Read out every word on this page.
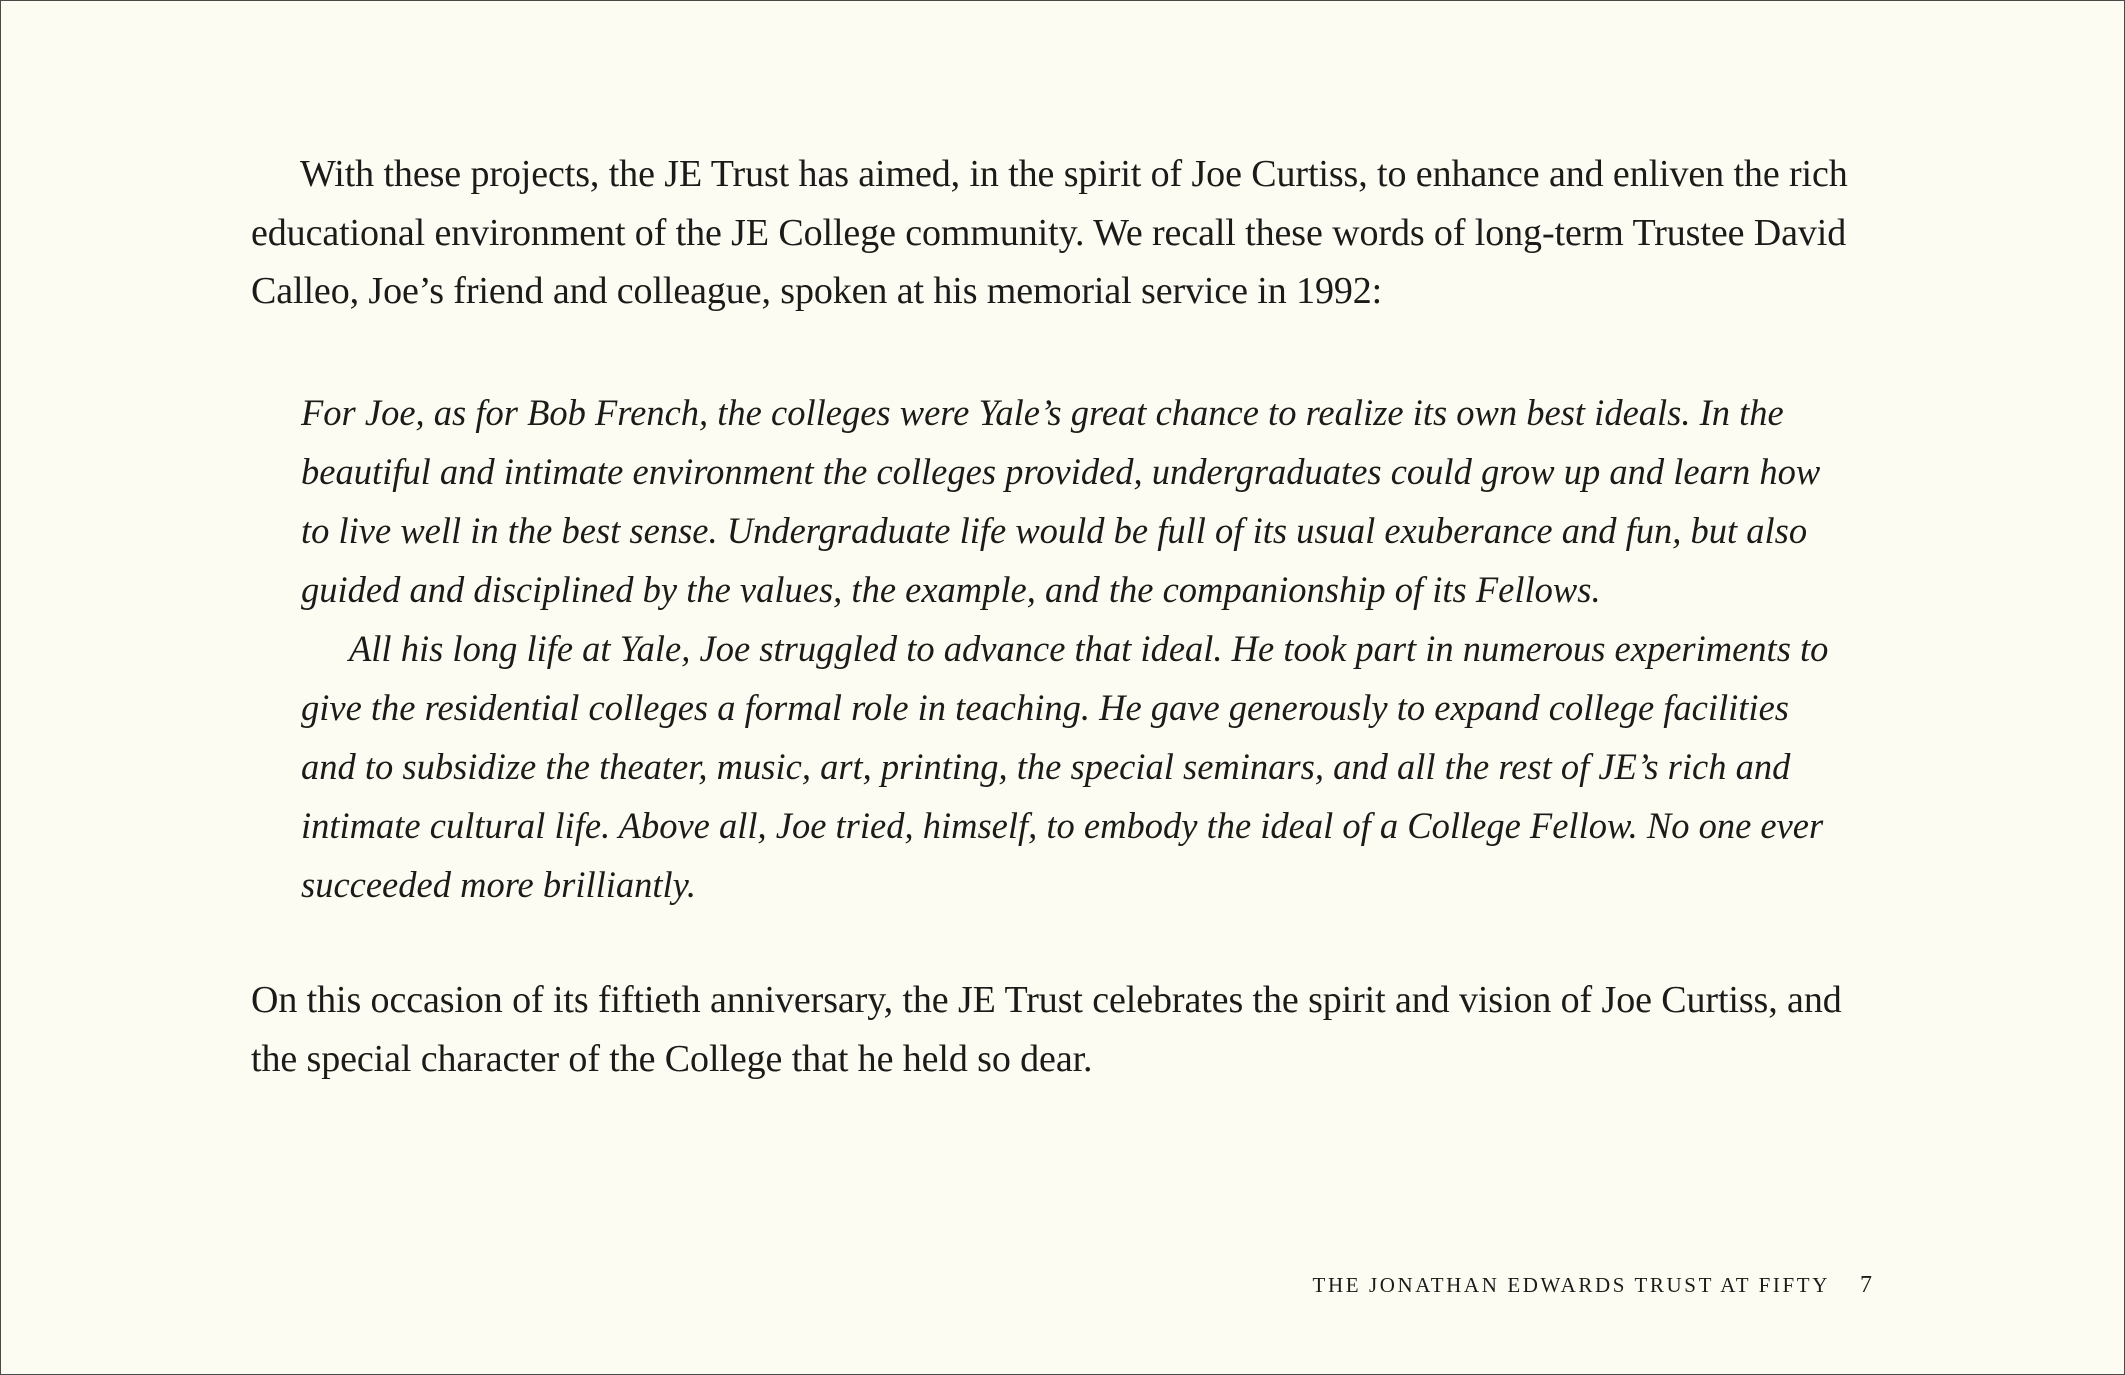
With these projects, the JE Trust has aimed, in the spirit of Joe Curtiss, to enhance and enliven the rich educational environment of the JE College community. We recall these words of long-term Trustee David Calleo, Joe’s friend and colleague, spoken at his memorial service in 1992:

For Joe, as for Bob French, the colleges were Yale’s great chance to realize its own best ideals. In the beautiful and intimate environment the colleges provided, undergraduates could grow up and learn how to live well in the best sense. Undergraduate life would be full of its usual exuberance and fun, but also guided and disciplined by the values, the example, and the companionship of its Fellows.

All his long life at Yale, Joe struggled to advance that ideal. He took part in numerous experiments to give the residential colleges a formal role in teaching. He gave generously to expand college facilities and to subsidize the theater, music, art, printing, the special seminars, and all the rest of JE’s rich and intimate cultural life. Above all, Joe tried, himself, to embody the ideal of a College Fellow. No one ever succeeded more brilliantly.

On this occasion of its fiftieth anniversary, the JE Trust celebrates the spirit and vision of Joe Curtiss, and the special character of the College that he held so dear.

THE JONATHAN EDWARDS TRUST AT FIFTY 7
